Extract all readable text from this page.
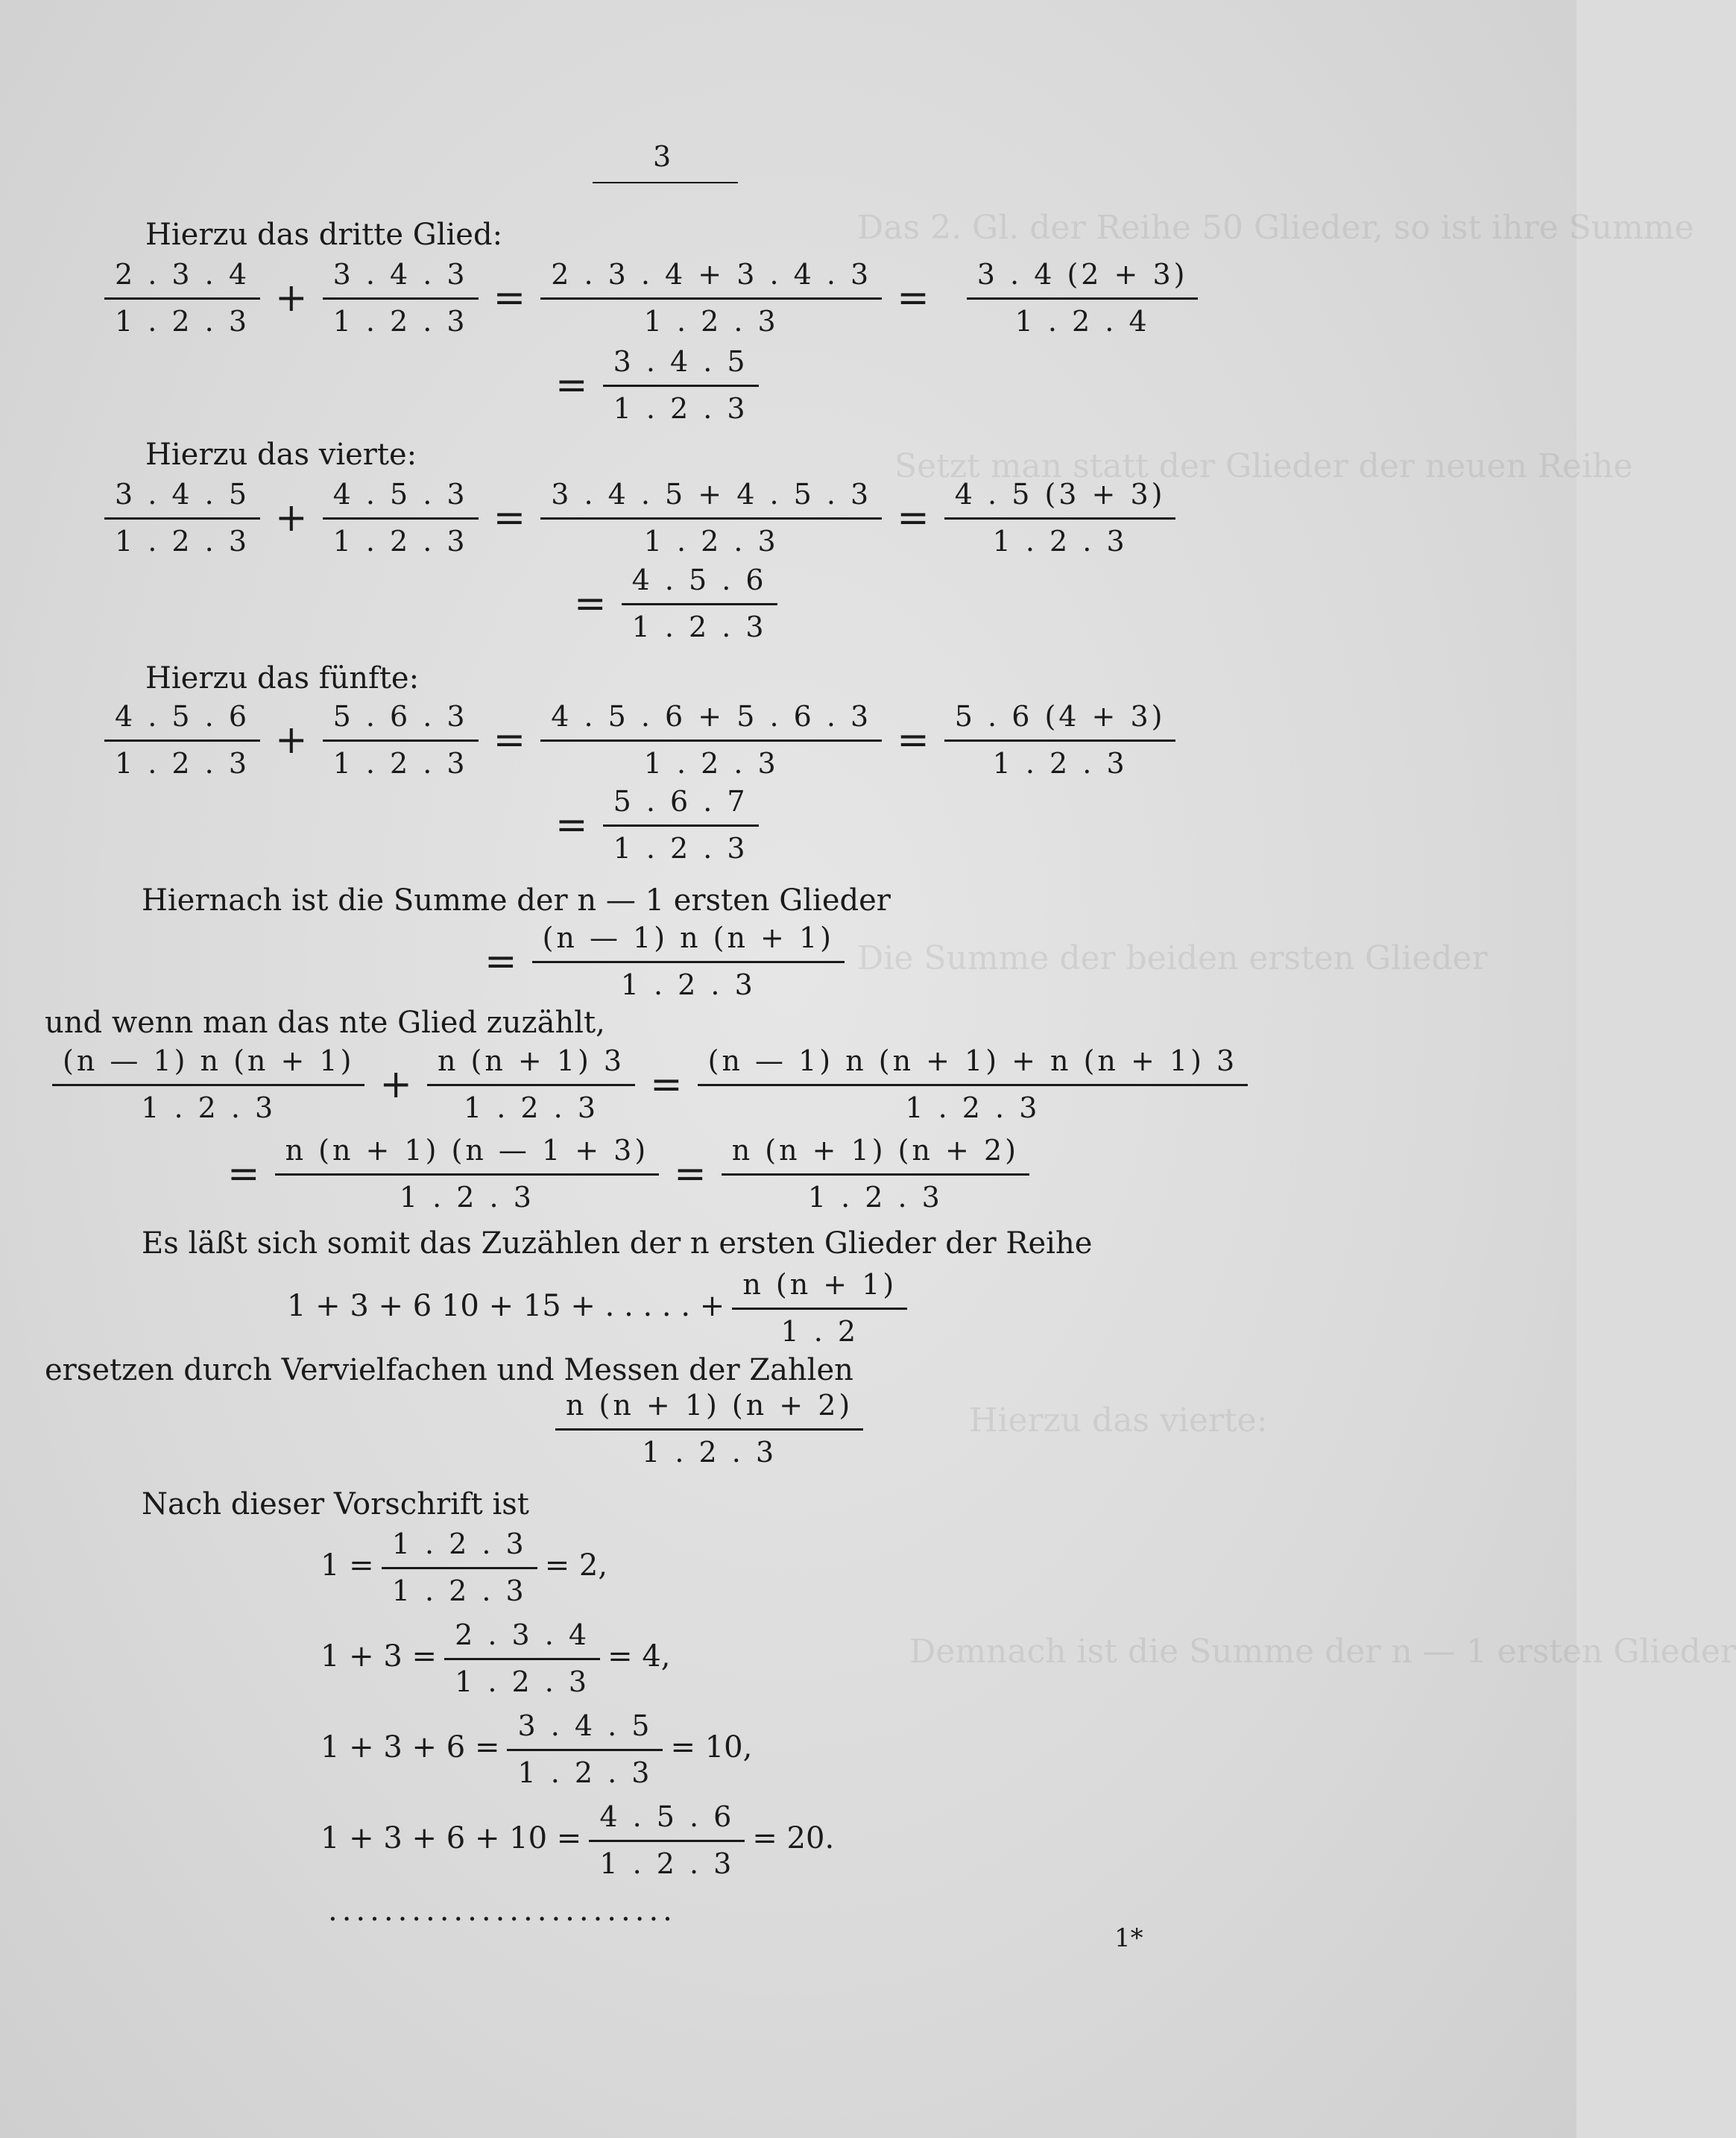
Das 2. Gl. der Reihe 50 Glieder, so ist ihre Summe
Setzt man statt der Glieder der neuen Reihe
Die Summe der beiden ersten Glieder
Hierzu das vierte:
Demnach ist die Summe der n — 1 ersten Glieder
3
Hierzu das dritte Glied:
$\frac{2 . 3 . 4}{1 . 2 . 3} + \frac{3 . 4 . 3}{1 . 2 . 3} = \frac{2 . 3 . 4 + 3 . 4 . 3}{1 . 2 . 3} = \frac{3 . 4 (2 + 3)}{1 . 2 . 4}$
= $\frac{3 . 4 . 5}{1 . 2 . 3}$
Hierzu das vierte:
$\frac{3 . 4 . 5}{1 . 2 . 3} + \frac{4 . 5 . 3}{1 . 2 . 3} = \frac{3 . 4 . 5 + 4 . 5 . 3}{1 . 2 . 3} = \frac{4 . 5 (3 + 3)}{1 . 2 . 3}$
= $\frac{4 . 5 . 6}{1 . 2 . 3}$
Hierzu das fünfte:
$\frac{4 . 5 . 6}{1 . 2 . 3} + \frac{5 . 6 . 3}{1 . 2 . 3} = \frac{4 . 5 . 6 + 5 . 6 . 3}{1 . 2 . 3} = \frac{5 . 6 (4 + 3)}{1 . 2 . 3}$
= $\frac{5 . 6 . 7}{1 . 2 . 3}$
Hiernach ist die Summe der n — 1 ersten Glieder
= $\frac{(n — 1) n (n + 1)}{1 . 2 . 3}$
und wenn man das nte Glied zuzählt,
$\frac{(n — 1) n (n + 1)}{1 . 2 . 3} + \frac{n (n + 1) 3}{1 . 2 . 3} = \frac{(n — 1) n (n + 1) + n (n + 1) 3}{1 . 2 . 3}$
= $\frac{n (n + 1) (n — 1 + 3)}{1 . 2 . 3} = \frac{n (n + 1) (n + 2)}{1 . 2 . 3}$
Es läßt sich somit das Zuzählen der n ersten Glieder der Reihe
1 + 3 + 6 10 + 15 + . . . . . + $\frac{n (n + 1)}{1 . 2}$
ersetzen durch Vervielfachen und Messen der Zahlen
$\frac{n (n + 1) (n + 2)}{1 . 2 . 3}$
Nach dieser Vorschrift ist
$1 = \frac{1 . 2 . 3}{1 . 2 . 3} = 2$,
$1 + 3 = \frac{2 . 3 . 4}{1 . 2 . 3} = 4$,
$1 + 3 + 6 = \frac{3 . 4 . 5}{1 . 2 . 3} = 10$,
$1 + 3 + 6 + 10 = \frac{4 . 5 . 6}{1 . 2 . 3} = 20$.
.........................
1*
